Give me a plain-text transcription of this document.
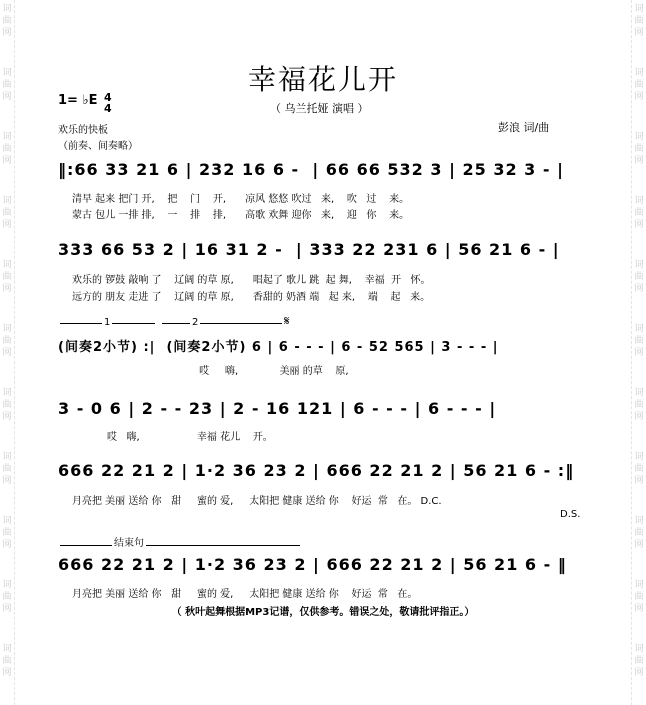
词
曲
网
词
曲
网
词
曲
网
词
曲
网
词
曲
网
词
曲
网
词
曲
网
词
曲
网
词
曲
网
词
曲
网
词
曲
网
词
曲
网
词
曲
网
词
曲
网
词
曲
网
词
曲
网
词
曲
网
词
曲
网
词
曲
网
词
曲
网
词
曲
网
词
曲
网
幸福花儿开
（ 乌兰托娅 演唱 ）
1= ♭E 4
4
欢乐的快板
（前奏、间奏略）
彭浪 词/曲
‖:66 33 21 6 | 232 16 6 -  | 66 66 532 3 | 25 32 3 - |
清早 起来 把门 开,    把    门    开,      凉风 悠悠 吹过   来,    吹   过    来。
蒙古 包儿 一排 排,    一    排    排,      高歌 欢舞 迎你   来,    迎   你    来。
333 66 53 2 | 16 31 2 -  | 333 22 231 6 | 56 21 6 - |
欢乐的 锣鼓 敲响 了    辽阔 的草 原,      唱起了 歌儿 跳  起 舞,    幸福  开   怀。
远方的 朋友 走进 了    辽阔 的草 原,      香甜的 奶酒 端   起 来,    端    起   来。
1	2	𝄋
(间奏2小节) :|  (间奏2小节) 6 | 6 - - - | 6 - 52 565 | 3 - - - |
哎     嗨,             美丽 的草    原,
3 - 0 6 | 2 - - 23 | 2 - 16 121 | 6 - - - | 6 - - - |
哎   嗨,                  幸福 花儿    开。
666 22 21 2 | 1·2 36 23 2 | 666 22 21 2 | 56 21 6 - :‖
月亮把 美丽 送给 你   甜     蜜的 爱,     太阳把 健康 送给 你    好运  常   在。 D.C.
D.S.
结束句
666 22 21 2 | 1·2 36 23 2 | 666 22 21 2 | 56 21 6 - ‖
月亮把 美丽 送给 你   甜     蜜的 爱,     太阳把 健康 送给 你    好运  常   在。
（ 秋叶起舞根据MP3记谱，仅供参考。错误之处，敬请批评指正。）
